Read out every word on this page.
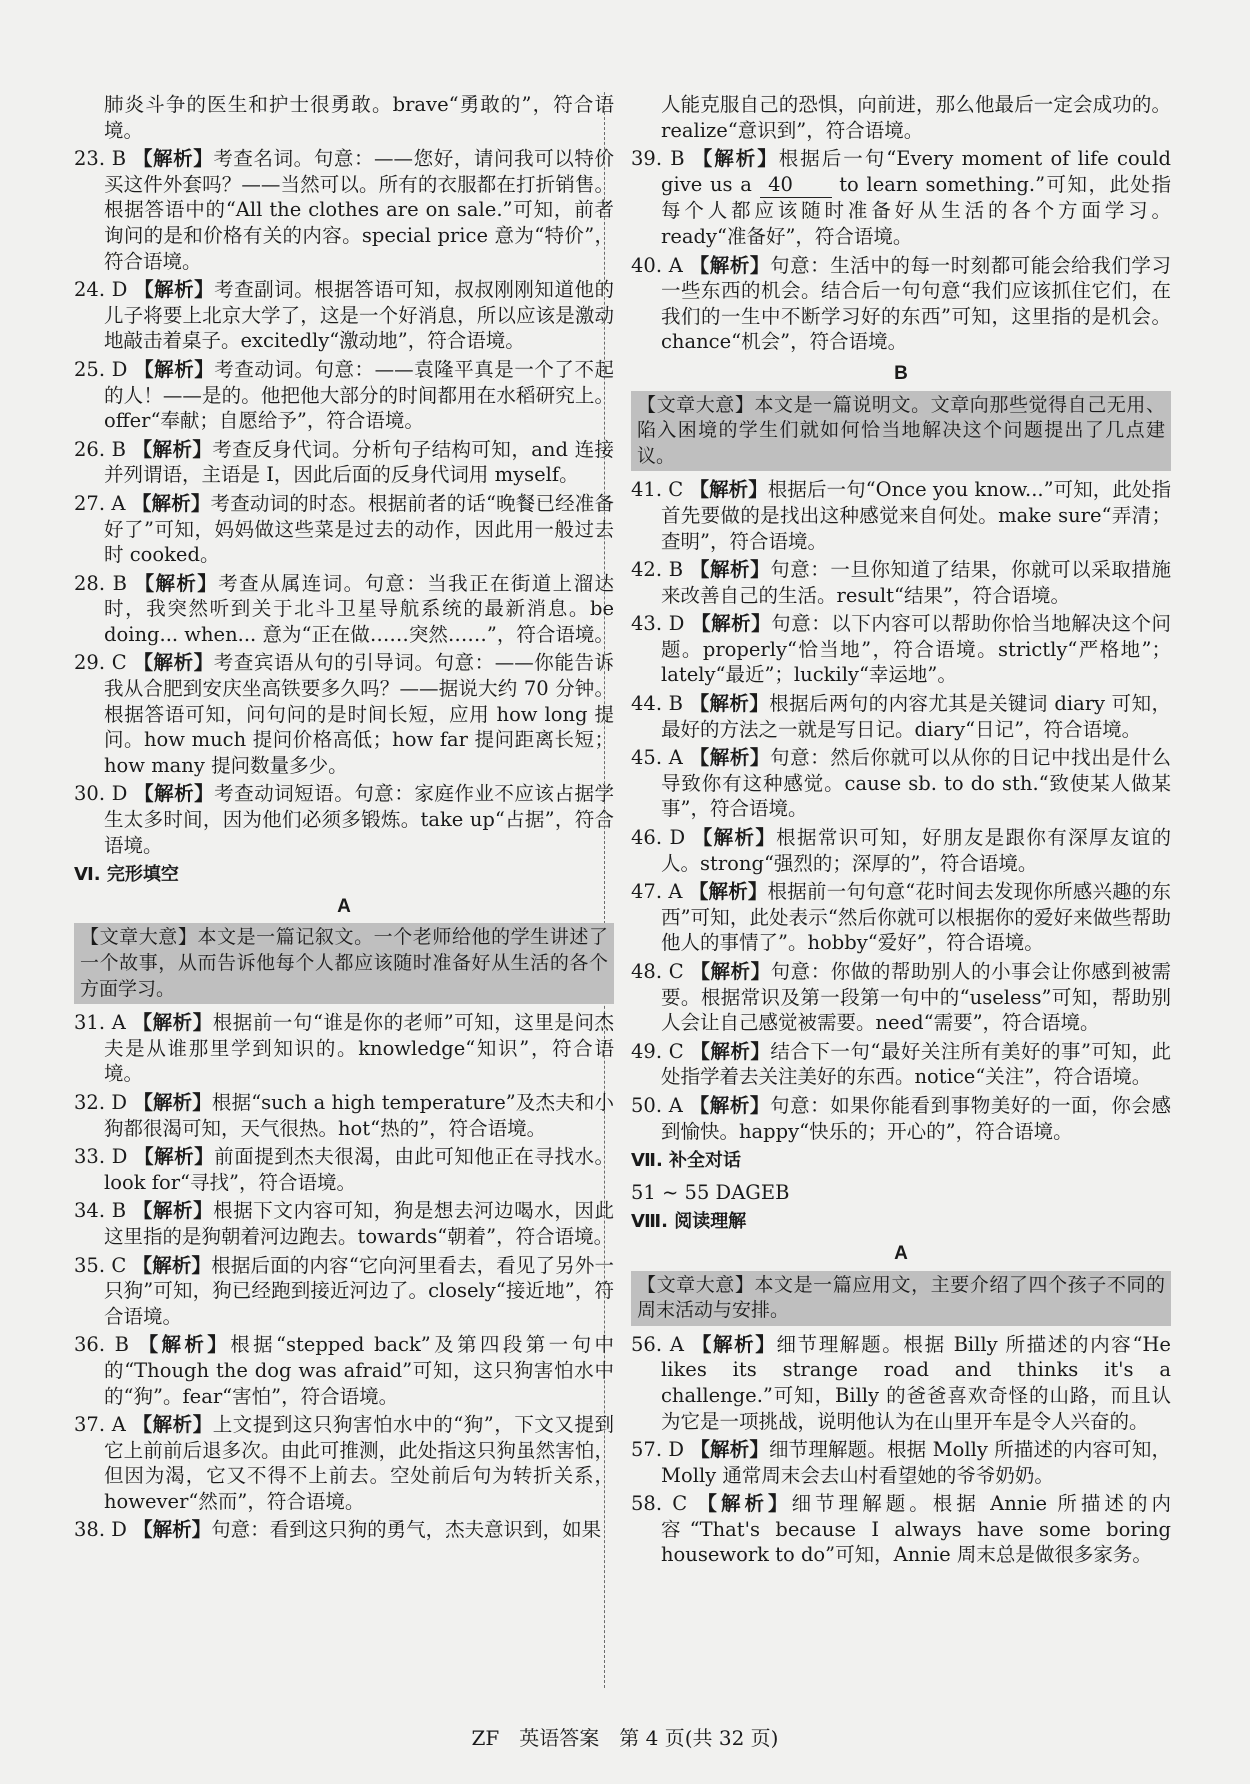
肺炎斗争的医生和护士很勇敢。brave“勇敢的”，符合语境。

23. B 【解析】考查名词。句意：——您好，请问我可以特价买这件外套吗？——当然可以。所有的衣服都在打折销售。根据答语中的“All the clothes are on sale.”可知，前者询问的是和价格有关的内容。special price 意为“特价”，符合语境。

24. D 【解析】考查副词。根据答语可知，叔叔刚刚知道他的儿子将要上北京大学了，这是一个好消息，所以应该是激动地敲击着桌子。excitedly“激动地”，符合语境。

25. D 【解析】考查动词。句意：——袁隆平真是一个了不起的人！——是的。他把他大部分的时间都用在水稻研究上。offer“奉献；自愿给予”，符合语境。

26. B 【解析】考查反身代词。分析句子结构可知，and 连接并列谓语，主语是 I，因此后面的反身代词用 myself。

27. A 【解析】考查动词的时态。根据前者的话“晚餐已经准备好了”可知，妈妈做这些菜是过去的动作，因此用一般过去时 cooked。

28. B 【解析】考查从属连词。句意：当我正在街道上溜达时，我突然听到关于北斗卫星导航系统的最新消息。be doing... when... 意为“正在做……突然……”，符合语境。

29. C 【解析】考查宾语从句的引导词。句意：——你能告诉我从合肥到安庆坐高铁要多久吗？——据说大约 70 分钟。根据答语可知，问句问的是时间长短，应用 how long 提问。how much 提问价格高低；how far 提问距离长短；how many 提问数量多少。

30. D 【解析】考查动词短语。句意：家庭作业不应该占据学生太多时间，因为他们必须多锻炼。take up“占据”，符合语境。

Ⅵ. 完形填空
A
【文章大意】本文是一篇记叙文。一个老师给他的学生讲述了一个故事，从而告诉他每个人都应该随时准备好从生活的各个方面学习。

31. A 【解析】根据前一句“谁是你的老师”可知，这里是问杰夫是从谁那里学到知识的。knowledge“知识”，符合语境。

32. D 【解析】根据“such a high temperature”及杰夫和小狗都很渴可知，天气很热。hot“热的”，符合语境。

33. D 【解析】前面提到杰夫很渴，由此可知他正在寻找水。look for“寻找”，符合语境。

34. B 【解析】根据下文内容可知，狗是想去河边喝水，因此这里指的是狗朝着河边跑去。towards“朝着”，符合语境。

35. C 【解析】根据后面的内容“它向河里看去，看见了另外一只狗”可知，狗已经跑到接近河边了。closely“接近地”，符合语境。

36. B 【解析】根据“stepped back”及第四段第一句中的“Though the dog was afraid”可知，这只狗害怕水中的“狗”。fear“害怕”，符合语境。

37. A 【解析】上文提到这只狗害怕水中的“狗”，下文又提到它上前前后退多次。由此可推测，此处指这只狗虽然害怕，但因为渴，它又不得不上前去。空处前后句为转折关系，however“然而”，符合语境。

38. D 【解析】句意：看到这只狗的勇气，杰夫意识到，如果

人能克服自己的恐惧，向前进，那么他最后一定会成功的。realize“意识到”，符合语境。

39. B 【解析】根据后一句“Every moment of life could give us a 40 to learn something.”可知，此处指每个人都应该随时准备好从生活的各个方面学习。ready“准备好”，符合语境。

40. A 【解析】句意：生活中的每一时刻都可能会给我们学习一些东西的机会。结合后一句句意“我们应该抓住它们，在我们的一生中不断学习好的东西”可知，这里指的是机会。chance“机会”，符合语境。

B
【文章大意】本文是一篇说明文。文章向那些觉得自己无用、陷入困境的学生们就如何恰当地解决这个问题提出了几点建议。

41. C 【解析】根据后一句“Once you know...”可知，此处指首先要做的是找出这种感觉来自何处。make sure“弄清；查明”，符合语境。

42. B 【解析】句意：一旦你知道了结果，你就可以采取措施来改善自己的生活。result“结果”，符合语境。

43. D 【解析】句意：以下内容可以帮助你恰当地解决这个问题。properly“恰当地”，符合语境。strictly“严格地”；lately“最近”；luckily“幸运地”。

44. B 【解析】根据后两句的内容尤其是关键词 diary 可知，最好的方法之一就是写日记。diary“日记”，符合语境。

45. A 【解析】句意：然后你就可以从你的日记中找出是什么导致你有这种感觉。cause sb. to do sth.“致使某人做某事”，符合语境。

46. D 【解析】根据常识可知，好朋友是跟你有深厚友谊的人。strong“强烈的；深厚的”，符合语境。

47. A 【解析】根据前一句句意“花时间去发现你所感兴趣的东西”可知，此处表示“然后你就可以根据你的爱好来做些帮助他人的事情了”。hobby“爱好”，符合语境。

48. C 【解析】句意：你做的帮助别人的小事会让你感到被需要。根据常识及第一段第一句中的“useless”可知，帮助别人会让自己感觉被需要。need“需要”，符合语境。

49. C 【解析】结合下一句“最好关注所有美好的事”可知，此处指学着去关注美好的东西。notice“关注”，符合语境。

50. A 【解析】句意：如果你能看到事物美好的一面，你会感到愉快。happy“快乐的；开心的”，符合语境。

Ⅶ. 补全对话
51 ~ 55 DAGEB
Ⅷ. 阅读理解
A
【文章大意】本文是一篇应用文，主要介绍了四个孩子不同的周末活动与安排。

56. A 【解析】细节理解题。根据 Billy 所描述的内容“He likes its strange road and thinks it's a challenge.”可知，Billy 的爸爸喜欢奇怪的山路，而且认为它是一项挑战，说明他认为在山里开车是令人兴奋的。

57. D 【解析】细节理解题。根据 Molly 所描述的内容可知，Molly 通常周末会去山村看望她的爷爷奶奶。

58. C 【解析】细节理解题。根据 Annie 所描述的内容“That's because I always have some boring housework to do”可知，Annie 周末总是做很多家务。

ZF　英语答案　第 4 页(共 32 页)
